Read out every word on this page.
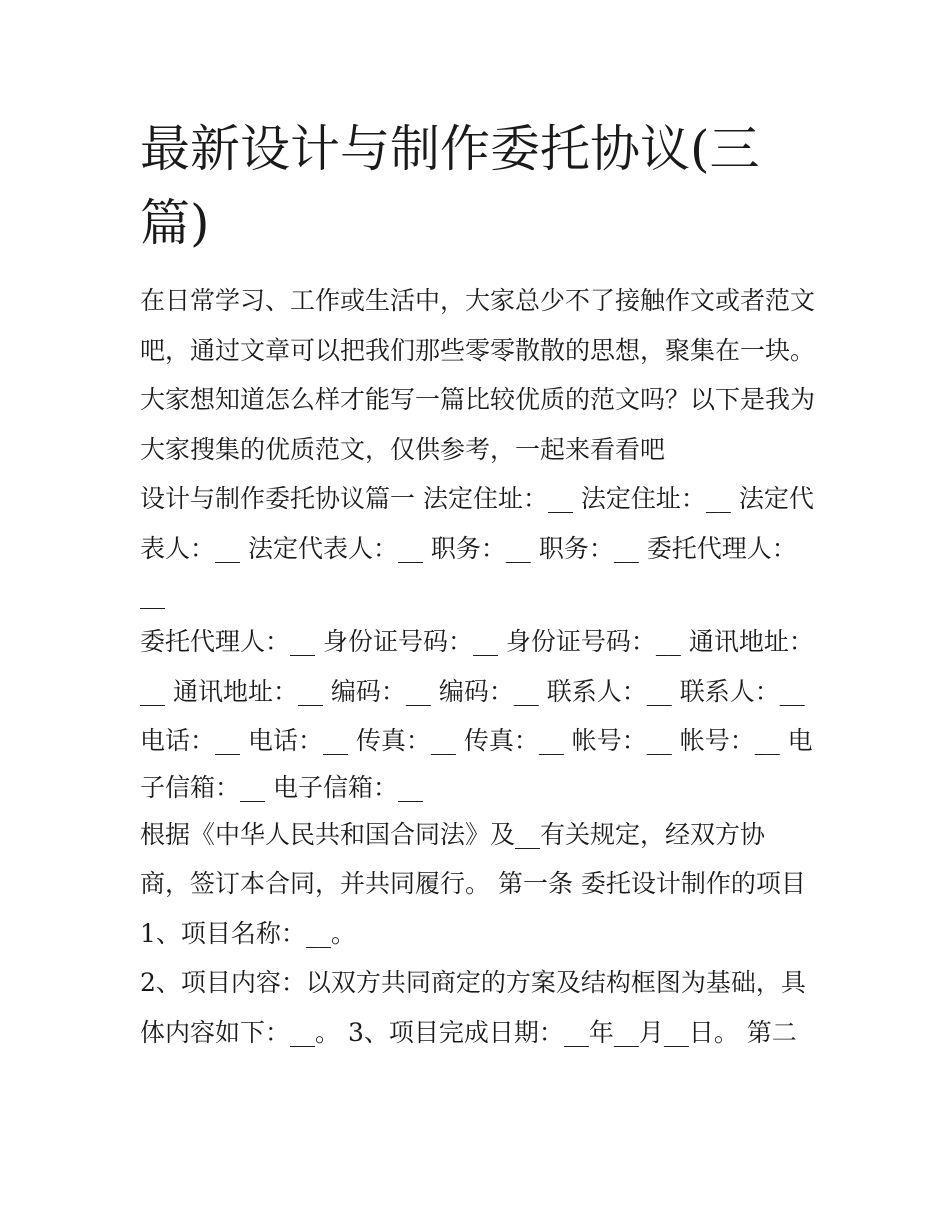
最新设计与制作委托协议(三
篇)
在日常学习、工作或生活中，大家总少不了接触作文或者范文
吧，通过文章可以把我们那些零零散散的思想，聚集在一块。
大家想知道怎么样才能写一篇比较优质的范文吗？以下是我为
大家搜集的优质范文，仅供参考，一起来看看吧
设计与制作委托协议篇一 法定住址：__ 法定住址：__ 法定代
表人：__ 法定代表人：__ 职务：__ 职务：__ 委托代理人：
__
委托代理人：__ 身份证号码：__ 身份证号码：__ 通讯地址：
__ 通讯地址：__ 编码：__ 编码：__ 联系人：__ 联系人：__
电话：__ 电话：__ 传真：__ 传真：__ 帐号：__ 帐号：__ 电
子信箱：__ 电子信箱：__
根据《中华人民共和国合同法》及__有关规定，经双方协
商，签订本合同，并共同履行。 第一条 委托设计制作的项目
1、项目名称：__。
2、项目内容：以双方共同商定的方案及结构框图为基础，具
体内容如下：__。 3、项目完成日期：__年__月__日。 第二
